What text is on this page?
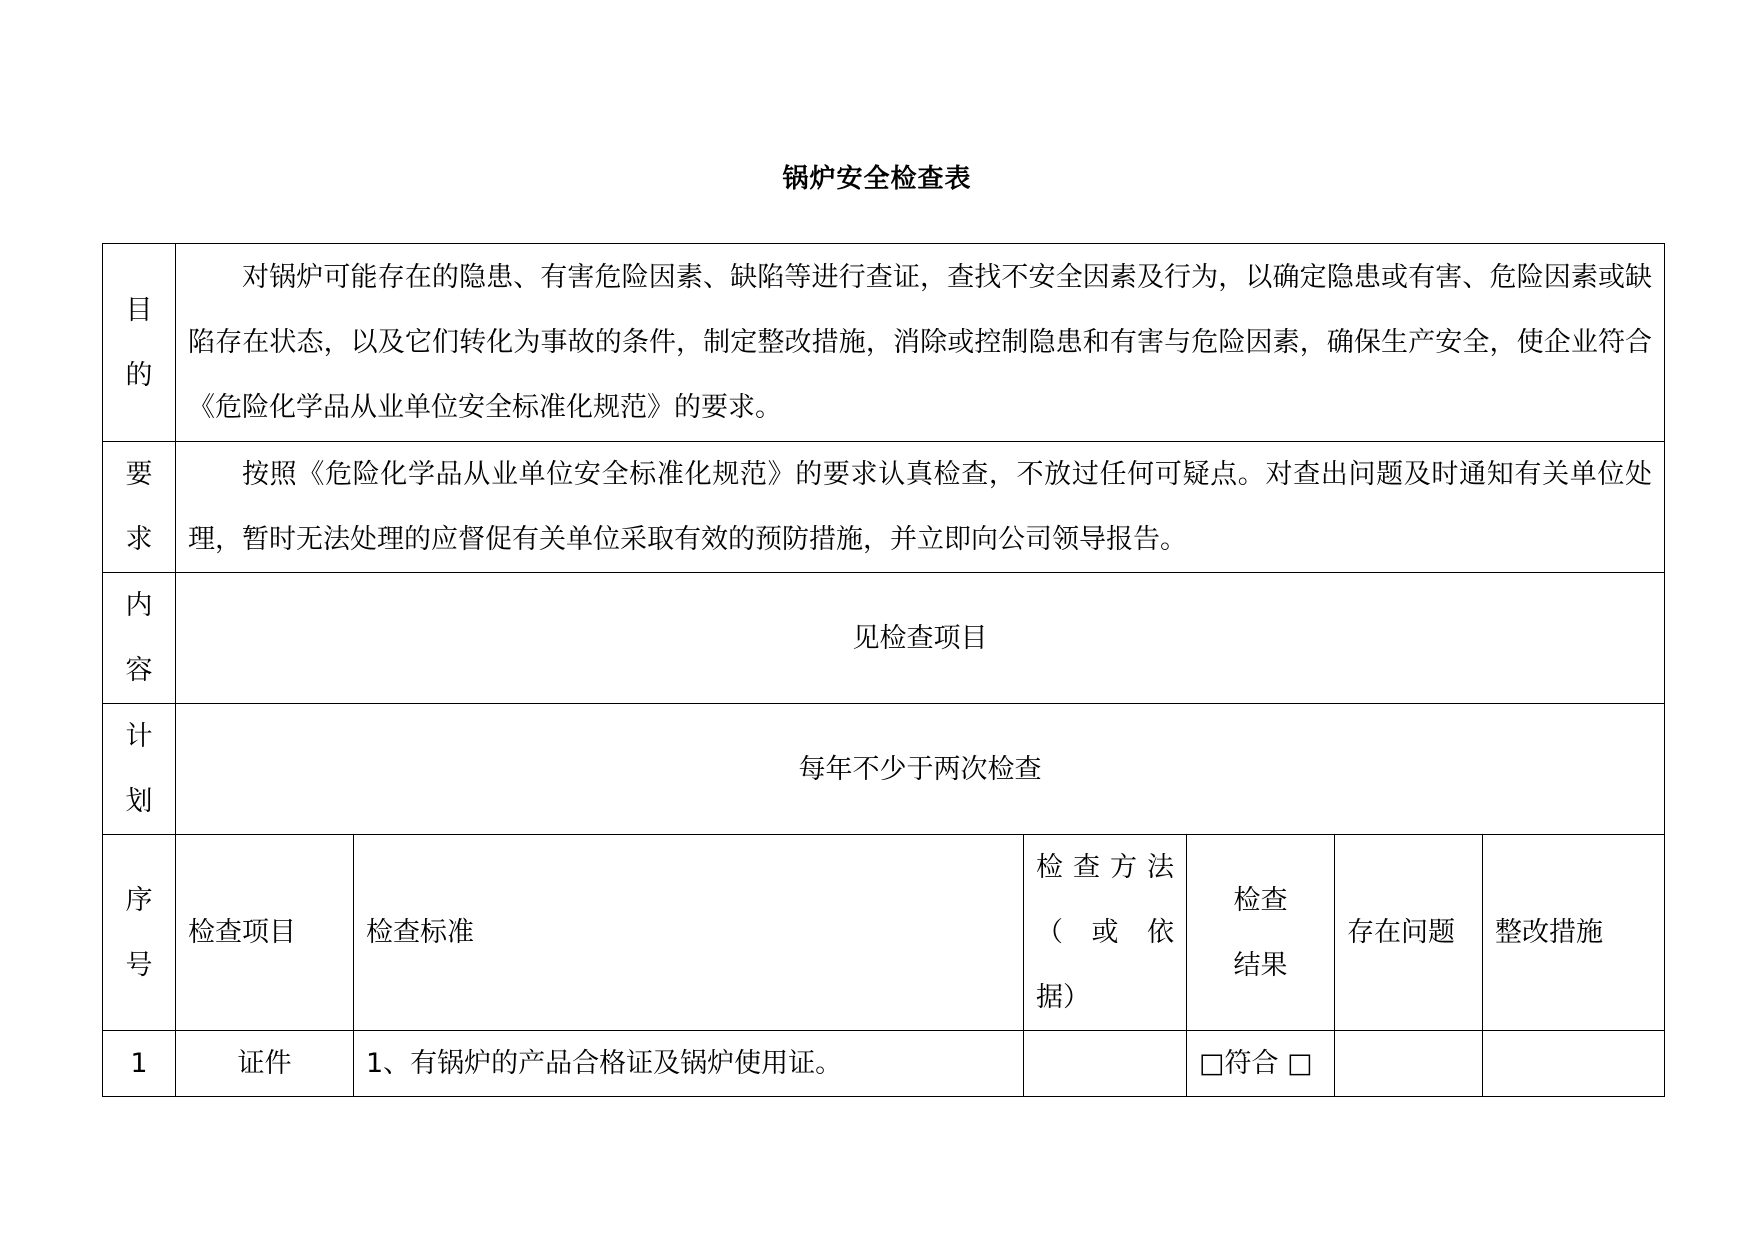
锅炉安全检查表
目
的	对锅炉可能存在的隐患、有害危险因素、缺陷等进行查证，查找不安全因素及行为，以确定隐患或有害、危险因素或缺陷存在状态，以及它们转化为事故的条件，制定整改措施，消除或控制隐患和有害与危险因素，确保生产安全，使企业符合《危险化学品从业单位安全标准化规范》的要求。					

要
求	按照《危险化学品从业单位安全标准化规范》的要求认真检查，不放过任何可疑点。对查出问题及时通知有关单位处理，暂时无法处理的应督促有关单位采取有效的预防措施，并立即向公司领导报告。					

内
容	见检查项目					

计
划	每年不少于两次检查					

序
号	检查项目	检查标准	检 查 方 法
（ 或 依
据）	检查
结果	存在问题	整改措施
1	证件	1、有锅炉的产品合格证及锅炉使用证。		□符合 □		
